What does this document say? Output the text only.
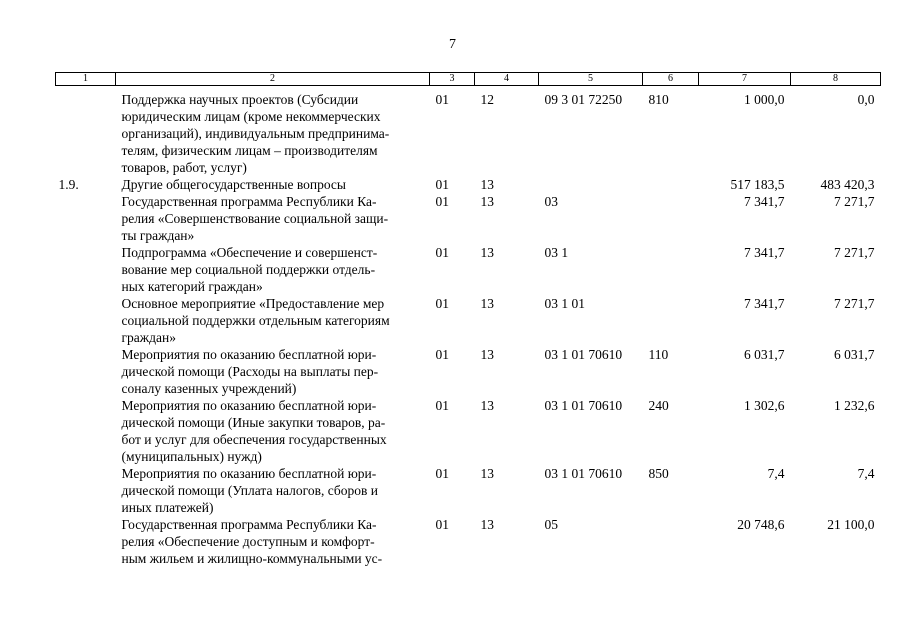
7
1	2	3	4	5	6	7	8

	Поддержка научных проектов (Субсидии
юридическим лицам (кроме некоммерческих
организаций), индивидуальным предпринима-
телям, физическим лицам – производителям
товаров, работ, услуг)	01	12	09 3 01 72250	810	1 000,0	0,0
1.9.	Другие общегосударственные вопросы	01	13			517 183,5	483 420,3

	Государственная программа Республики Ка-
релия «Совершенствование социальной защи-
ты граждан»	01	13	03		7 341,7	7 271,7

	Подпрограмма «Обеспечение и совершенст-
вование мер социальной поддержки отдель-
ных категорий граждан»	01	13	03 1		7 341,7	7 271,7

	Основное мероприятие «Предоставление мер
социальной поддержки отдельным категориям
граждан»	01	13	03 1 01		7 341,7	7 271,7

	Мероприятия по оказанию бесплатной юри-
дической помощи (Расходы на выплаты пер-
соналу казенных учреждений)	01	13	03 1 01 70610	110	6 031,7	6 031,7

	Мероприятия по оказанию бесплатной юри-
дической помощи (Иные закупки товаров, ра-
бот и услуг для обеспечения государственных
(муниципальных) нужд)	01	13	03 1 01 70610	240	1 302,6	1 232,6

	Мероприятия по оказанию бесплатной юри-
дической помощи (Уплата налогов, сборов и
иных платежей)	01	13	03 1 01 70610	850	7,4	7,4

	Государственная программа Республики Ка-
релия «Обеспечение доступным и комфорт-
ным жильем и жилищно-коммунальными ус-	01	13	05		20 748,6	21 100,0
